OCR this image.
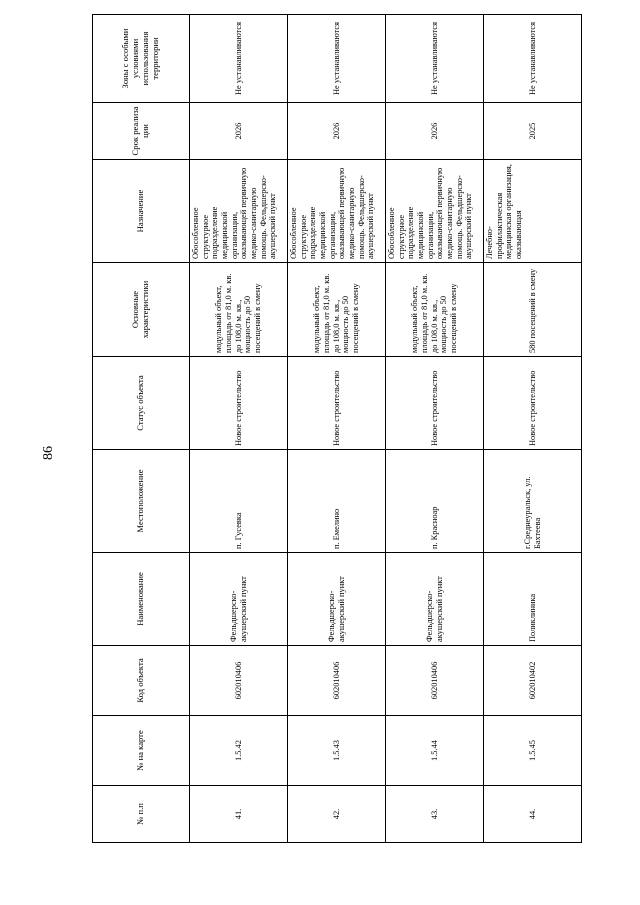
86
№ п.п	№ на карте	Код объекта	Наименование	Местоположение	Статус объекта	Основные характеристики	Назначение	Срок реализа ции	Зоны с особыми условиями использования территории
41.	1.5.42	602010406	Фельдшерско-акушерский пункт	п. Гусевка	Новое строительство	модульный объект, площадь от 81,0 м. кв. до 108,0 м. кв., мощность до 50 посещений в смену	Обособленное структурное подразделение медицинской организации, оказывающей первичную медико-санитарную помощь. Фельдшерско-акушерский пункт	2026	Не устанавливаются
42.	1.5.43	602010406	Фельдшерско-акушерский пункт	п. Емелино	Новое строительство	модульный объект, площадь от 81,0 м. кв. до 108,0 м. кв., мощность до 50 посещений в смену	Обособленное структурное подразделение медицинской организации, оказывающей первичную медико-санитарную помощь. Фельдшерско-акушерский пункт	2026	Не устанавливаются
43.	1.5.44	602010406	Фельдшерско-акушерский пункт	п. Красноар	Новое строительство	модульный объект, площадь от 81,0 м. кв. до 108,0 м. кв., мощность до 50 посещений в смену	Обособленное структурное подразделение медицинской организации, оказывающей первичную медико-санитарную помощь. Фельдшерско-акушерский пункт	2026	Не устанавливаются
44.	1.5.45	602010402	Поликлиника	г.Среднеуральск, ул. Бахтеева	Новое строительство	580 посещений в смену	Лечебно-профилактическая медицинская организация, оказывающая	2025	Не устанавливаются
